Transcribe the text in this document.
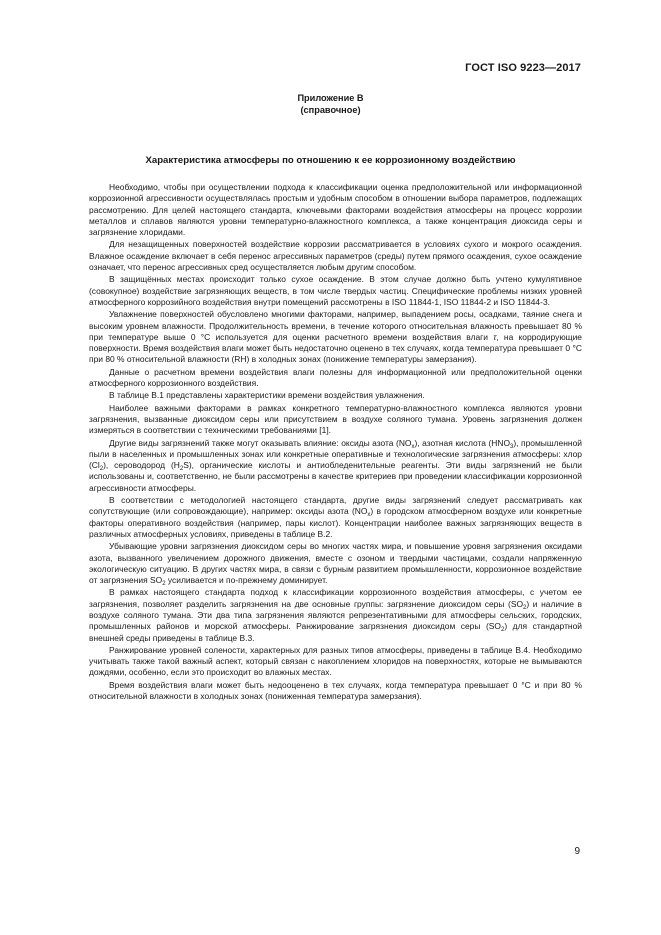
ГОСТ ISO 9223—2017
Приложение В
(справочное)
Характеристика атмосферы по отношению к ее коррозионному воздействию

Необходимо, чтобы при осуществлении подхода к классификации оценка предположительной или информационной коррозионной агрессивности осуществлялась простым и удобным способом в отношении выбора параметров, подлежащих рассмотрению. Для целей настоящего стандарта, ключевыми факторами воздействия атмосферы на процесс коррозии металлов и сплавов являются уровни температурно-влажностного комплекса, а также концентрация диоксида серы и загрязнение хлоридами.

Для незащищенных поверхностей воздействие коррозии рассматривается в условиях сухого и мокрого осаждения. Влажное осаждение включает в себя перенос агрессивных параметров (среды) путем прямого осаждения, сухое осаждение означает, что перенос агрессивных сред осуществляется любым другим способом.

В защищённых местах происходит только сухое осаждение. В этом случае должно быть учтено кумулятивное (совокупное) воздействие загрязняющих веществ, в том числе твердых частиц. Специфические проблемы низких уровней атмосферного коррозийного воздействия внутри помещений рассмотрены в ISO 11844-1, ISO 11844-2 и ISO 11844-3.

Увлажнение поверхностей обусловлено многими факторами, например, выпадением росы, осадками, таяние снега и высоким уровнем влажности. Продолжительность времени, в течение которого относительная влажность превышает 80 % при температуре выше 0 °С используется для оценки расчетного времени воздействия влаги τ, на корродирующие поверхности. Время воздействия влаги может быть недостаточно оценено в тех случаях, когда температура превышает 0 °С при 80 % относительной влажности (RH) в холодных зонах (понижение температуры замерзания).

Данные о расчетном времени воздействия влаги полезны для информационной или предположительной оценки атмосферного коррозионного воздействия.

В таблице В.1 представлены характеристики времени воздействия увлажнения.

Наиболее важными факторами в рамках конкретного температурно-влажностного комплекса являются уровни загрязнения, вызванные диоксидом серы или присутствием в воздухе соляного тумана. Уровень загрязнения должен измеряться в соответствии с техническими требованиями [1].

Другие виды загрязнений также могут оказывать влияние: оксиды азота $(NO_x)$, азотная кислота $(HNO_3)$, промышленной пыли в населенных и промышленных зонах или конкретные оперативные и технологические загрязнения атмосферы: хлор $(Cl_2)$, сероводород $(H_2S)$, органические кислоты и антиобледенительные реагенты. Эти виды загрязнений не были использованы и, соответственно, не были рассмотрены в качестве критериев при проведении классификации коррозионной агрессивности атмосферы.

В соответствии с методологией настоящего стандарта, другие виды загрязнений следует рассматривать как сопутствующие (или сопровождающие), например: оксиды азота $(NO_x)$ в городском атмосферном воздухе или конкретные факторы оперативного воздействия (например, пары кислот). Концентрации наиболее важных загрязняющих веществ в различных атмосферных условиях, приведены в таблице В.2.

Убывающие уровни загрязнения диоксидом серы во многих частях мира, и повышение уровня загрязнения оксидами азота, вызванного увеличением дорожного движения, вместе с озоном и твердыми частицами, создали напряженную экологическую ситуацию. В других частях мира, в связи с бурным развитием промышленности, коррозионное воздействие от загрязнения $SO_2$ усиливается и по-прежнему доминирует.

В рамках настоящего стандарта подход к классификации коррозионного воздействия атмосферы, с учетом ее загрязнения, позволяет разделить загрязнения на две основные группы: загрязнение диоксидом серы $(SO_2)$ и наличие в воздухе соляного тумана. Эти два типа загрязнения являются репрезентативными для атмосферы сельских, городских, промышленных районов и морской атмосферы. Ранжирование загрязнения диоксидом серы $(SO_2)$ для стандартной внешней среды приведены в таблице В.3.

Ранжирование уровней солености, характерных для разных типов атмосферы, приведены в таблице В.4. Необходимо учитывать также такой важный аспект, который связан с накоплением хлоридов на поверхностях, которые не вымываются дождями, особенно, если это происходит во влажных местах.

Время воздействия влаги может быть недооценено в тех случаях, когда температура превышает 0 °С и при 80 % относительной влажности в холодных зонах (пониженная температура замерзания).

9
